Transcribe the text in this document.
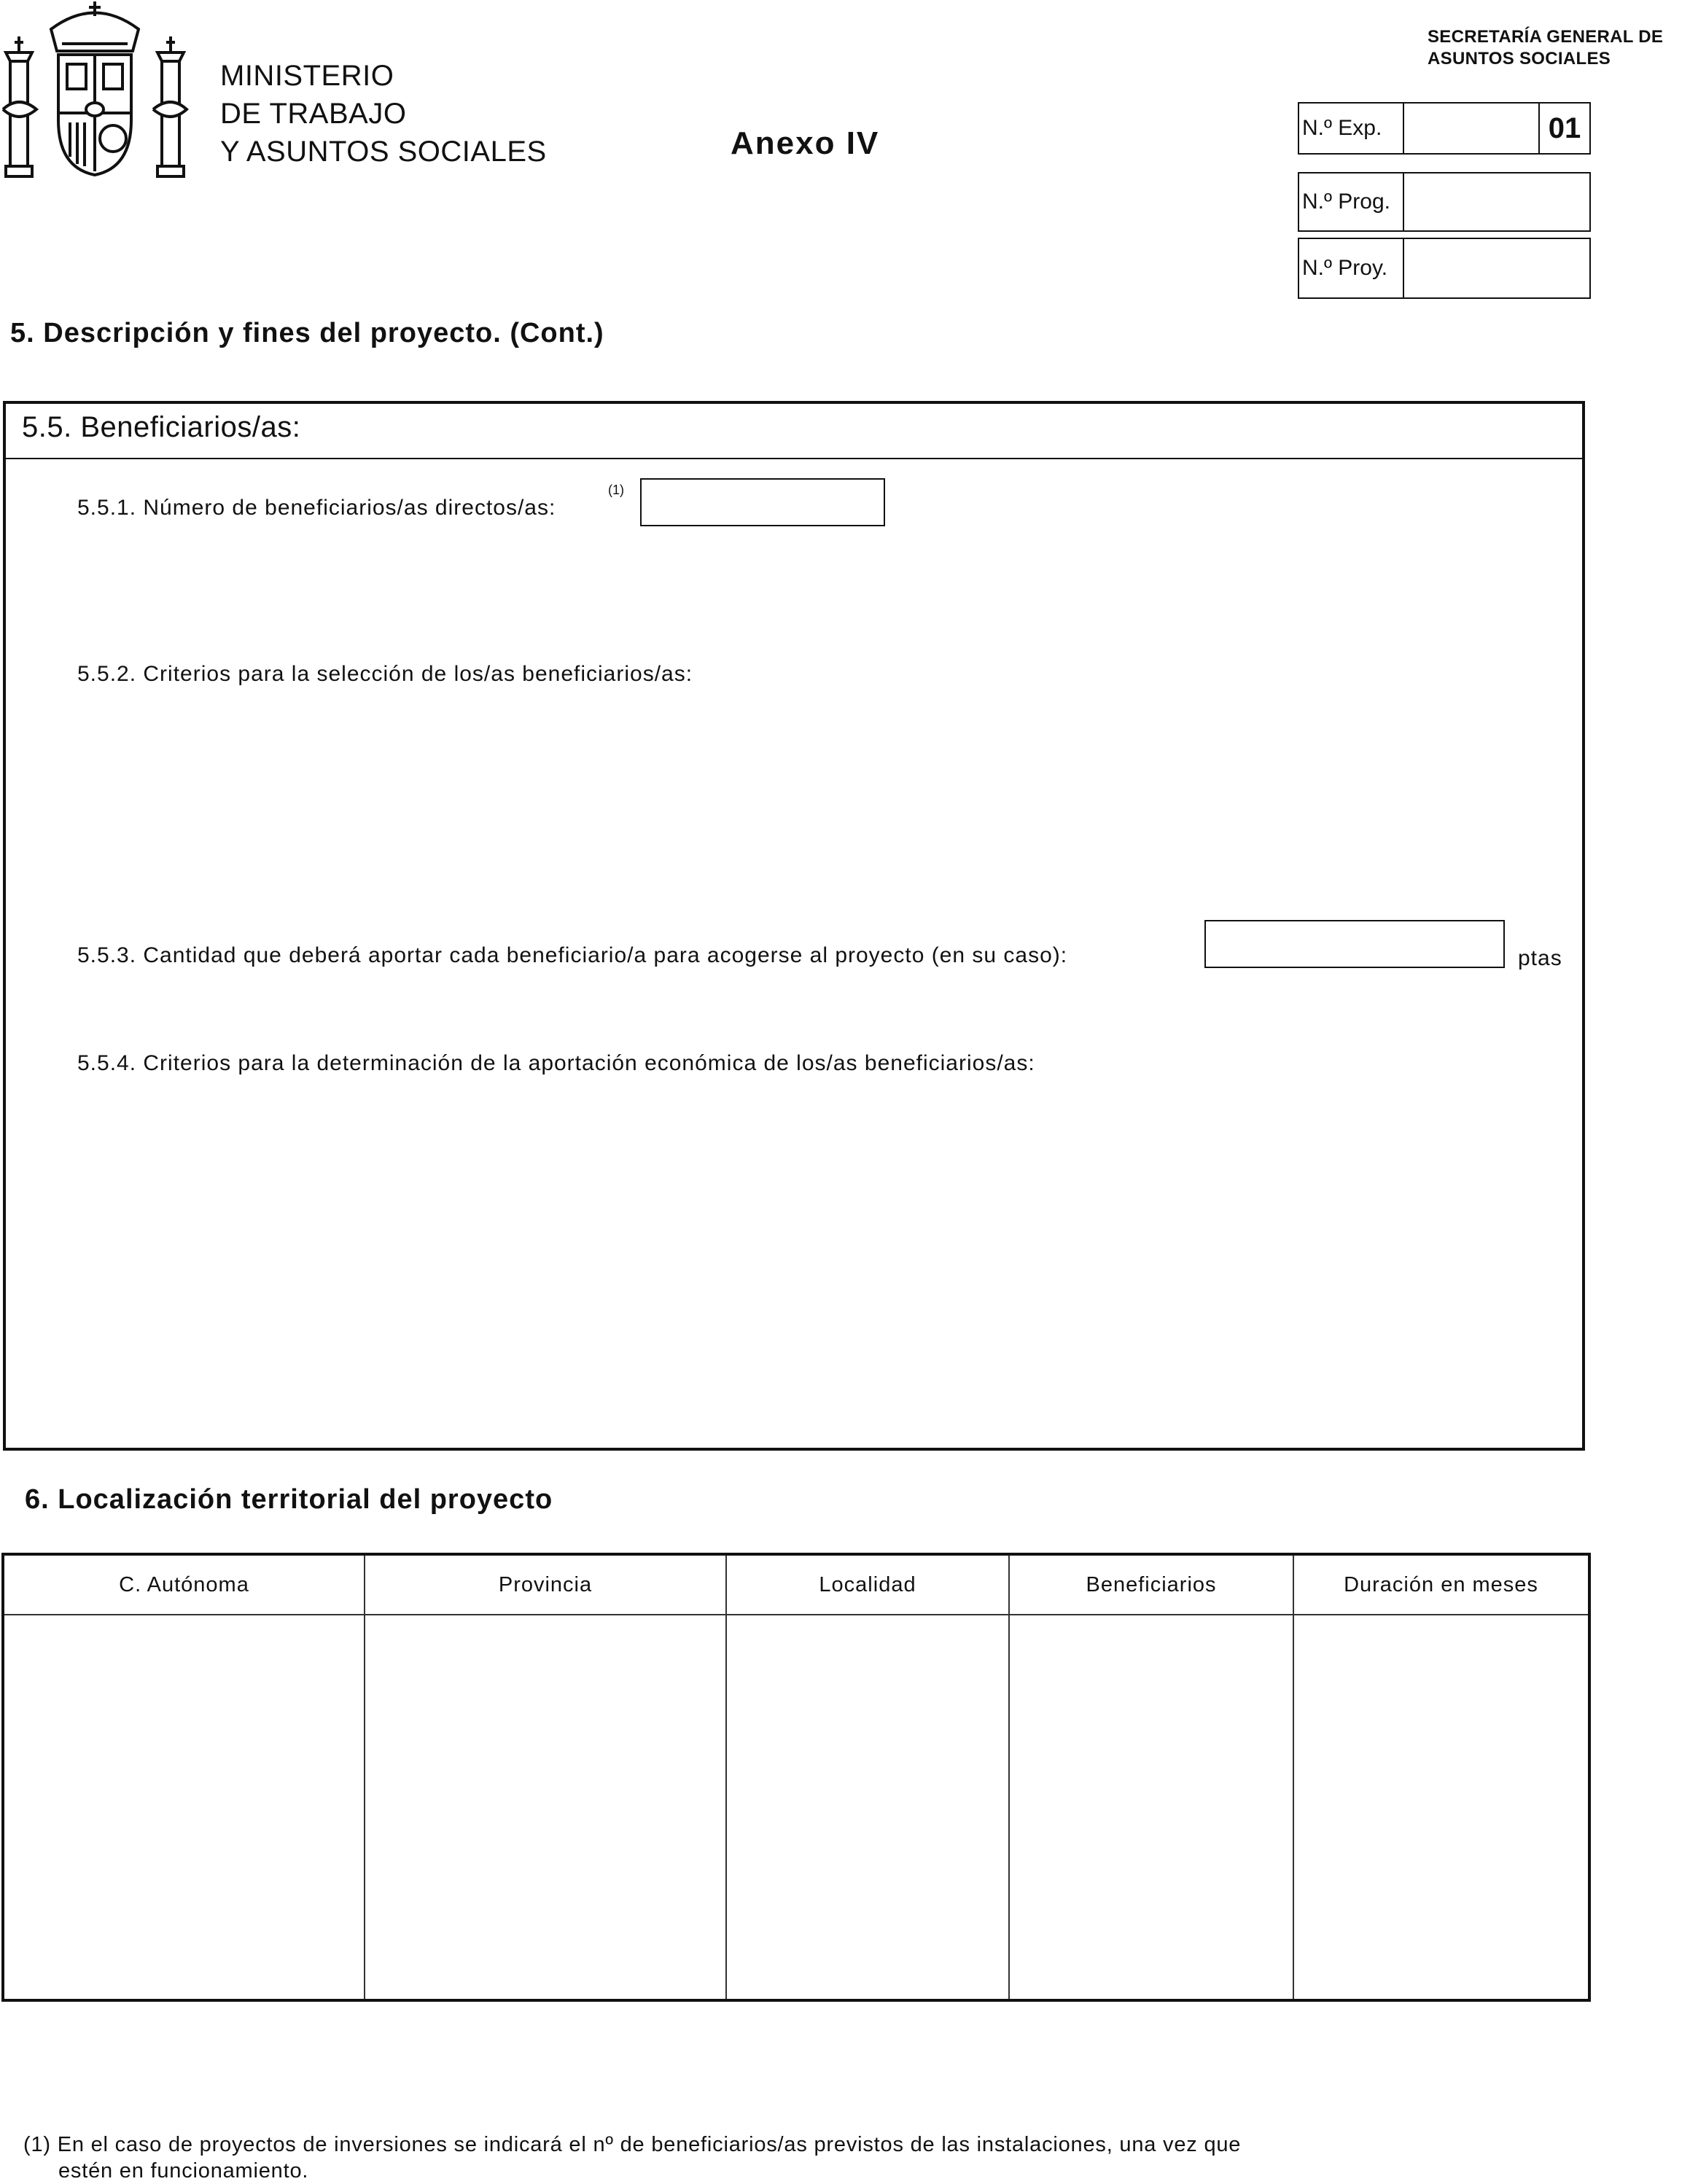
MINISTERIO
DE TRABAJO
Y ASUNTOS SOCIALES	Anexo IV
SECRETARÍA GENERAL DE
ASUNTOS SOCIALES
N.º Exp.	01
N.º Prog.
N.º Proy.
5. Descripción y fines del proyecto. (Cont.)
5.5. Beneficiarios/as:
5.5.1. Número de beneficiarios/as directos/as:
(1)
5.5.2. Criterios para la selección de los/as beneficiarios/as:
5.5.3. Cantidad que deberá aportar cada beneficiario/a para acogerse al proyecto (en su caso):	ptas
5.5.4. Criterios para la determinación de la aportación económica de los/as beneficiarios/as:
6. Localización territorial del proyecto
C. Autónoma	Provincia	Localidad	Beneficiarios	Duración en meses

(1) En el caso de proyectos de inversiones se indicará el nº de beneficiarios/as previstos de las instalaciones, una vez que
estén en funcionamiento.
